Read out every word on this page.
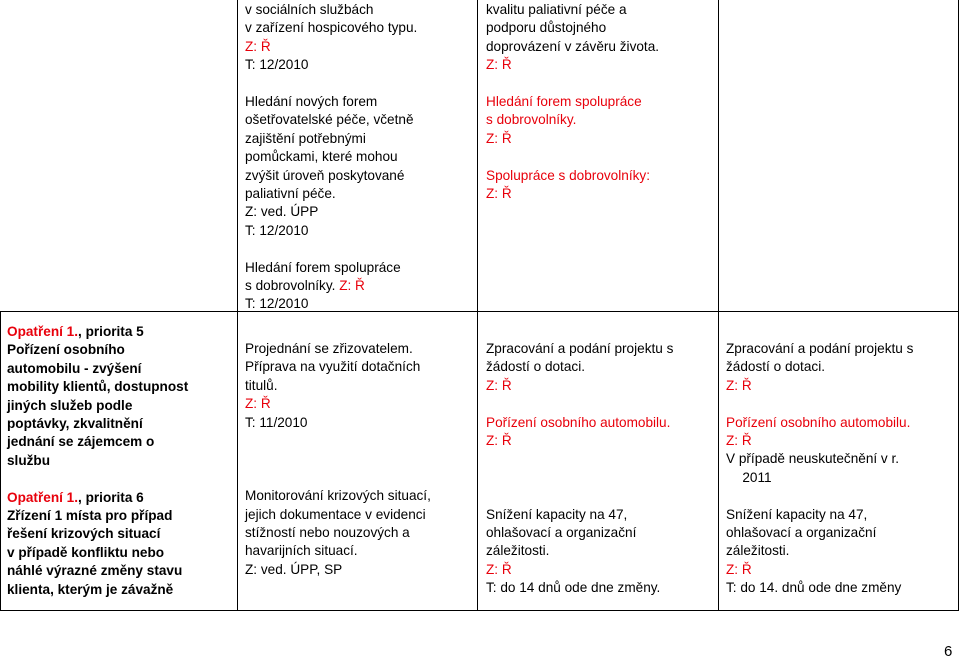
v sociálních službách

v zařízení hospicového typu.

Z: Ř

T: 12/2010

Hledání nových forem

ošetřovatelské péče, včetně

zajištění potřebnými

pomůckami, které mohou

zvýšit úroveň poskytované

paliativní péče.

Z: ved. ÚPP

T: 12/2010

Hledání forem spolupráce

s dobrovolníky. Z: Ř

T: 12/2010

kvalitu paliativní péče a

podporu důstojného

doprovázení v závěru života.

Z: Ř

Hledání forem spolupráce

s dobrovolníky.

Z: Ř

Spolupráce s dobrovolníky:

Z: Ř

Opatření 1., priorita 5

Pořízení osobního

automobilu - zvýšení

mobility klientů, dostupnost

jiných služeb podle

poptávky, zkvalitnění

jednání se zájemcem o

službu

Opatření 1., priorita 6

Zřízení 1 místa pro případ

řešení krizových situací

v případě konfliktu nebo

náhlé výrazné změny stavu

klienta, kterým je závažně

Projednání se zřizovatelem.

Příprava na využití dotačních

titulů.

Z: Ř

T: 11/2010

Monitorování krizových situací,

jejich dokumentace v evidenci

stížností nebo nouzových a

havarijních situací.

Z: ved. ÚPP, SP

Zpracování a podání projektu s

žádostí o dotaci.

Z: Ř

Pořízení osobního automobilu.

Z: Ř

Snížení kapacity na 47,

ohlašovací a organizační

záležitosti.

Z: Ř

T: do 14 dnů ode dne změny.

Zpracování a podání projektu s

žádostí o dotaci.

Z: Ř

Pořízení osobního automobilu.

Z: Ř

V případě neuskutečnění v r.

2011

Snížení kapacity na 47,

ohlašovací a organizační

záležitosti.

Z: Ř

T: do 14. dnů ode dne změny

6
